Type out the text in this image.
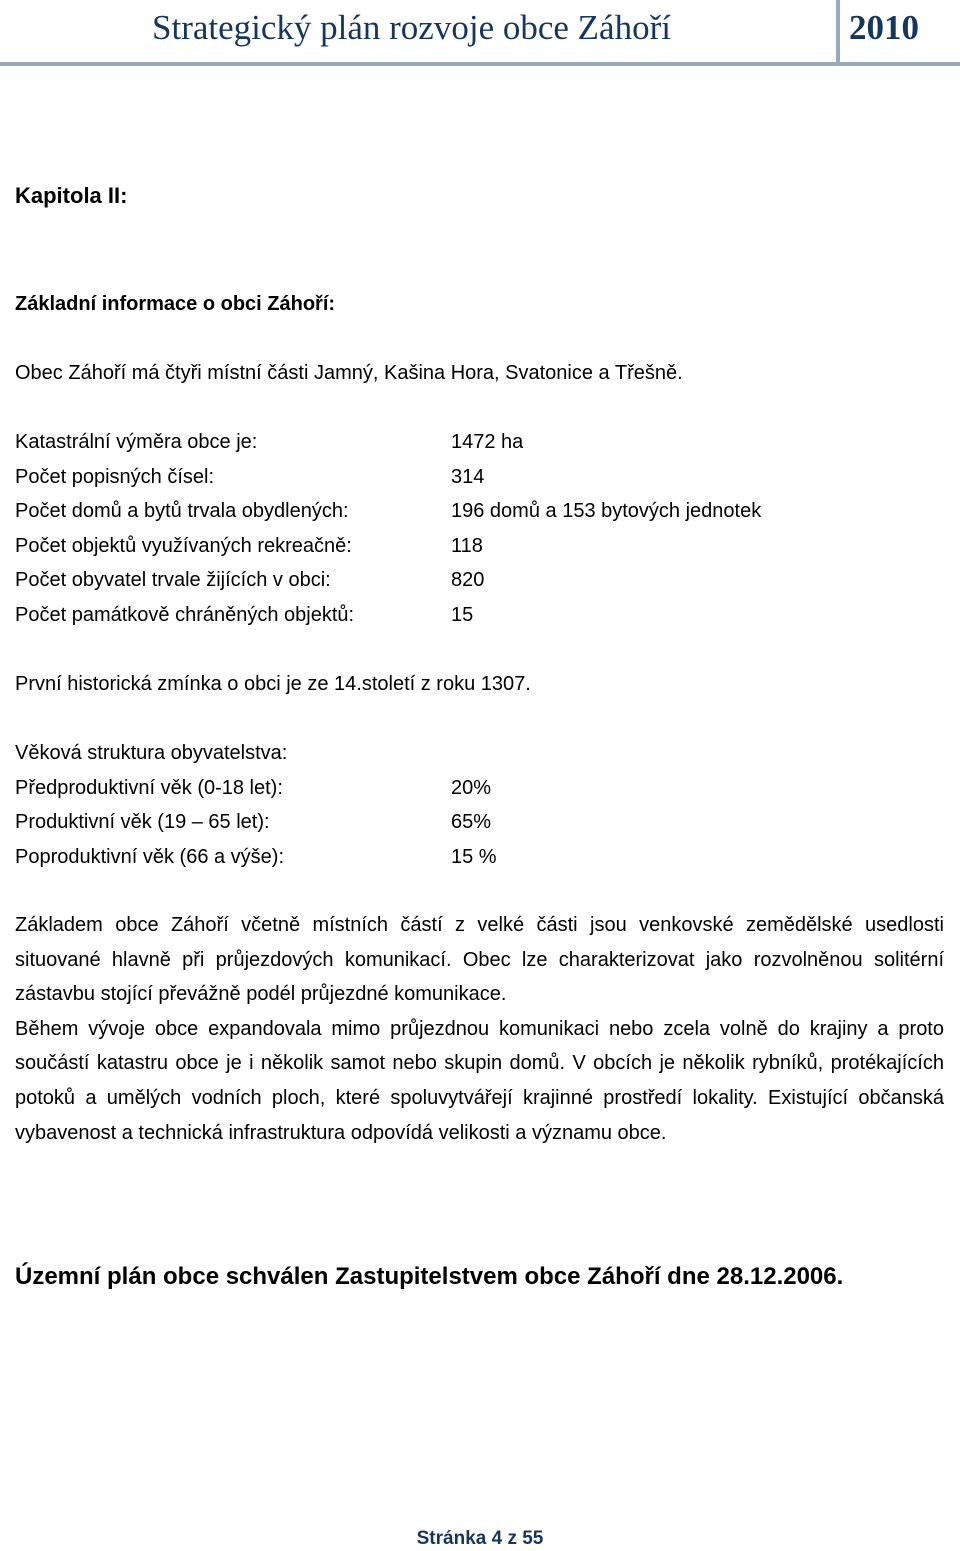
Strategický plán rozvoje obce Záhoří	2010
Kapitola II:
Základní informace o obci Záhoří:
Obec Záhoří má čtyři místní části Jamný, Kašina Hora, Svatonice a Třešně.
Katastrální výměra obce je:	1472 ha
Počet popisných čísel:	314
Počet domů a bytů trvala obydlených:	196 domů a 153 bytových jednotek
Počet objektů využívaných rekreačně:	118
Počet obyvatel trvale žijících v obci:	820
Počet památkově chráněných objektů:	15
První historická zmínka o obci je ze 14.století z roku 1307.
Věková struktura obyvatelstva:
Předproduktivní věk (0-18 let):	20%
Produktivní věk (19 – 65 let):	65%
Poproduktivní věk (66 a výše):	15 %

Základem obce Záhoří včetně místních částí z velké části jsou venkovské zemědělské usedlosti situované hlavně při průjezdových komunikací. Obec lze charakterizovat jako rozvolněnou solitérní zástavbu stojící převážně podél průjezdné komunikace.

Během vývoje obce expandovala mimo průjezdnou komunikaci nebo zcela volně do krajiny a proto součástí katastru obce je i několik samot nebo skupin domů. V obcích je několik rybníků, protékajících potoků a umělých vodních ploch, které spoluvytvářejí krajinné prostředí lokality. Existující občanská vybavenost a technická infrastruktura odpovídá velikosti a významu obce.

Územní plán obce schválen Zastupitelstvem obce Záhoří dne 28.12.2006.
Stránka 4 z 55
